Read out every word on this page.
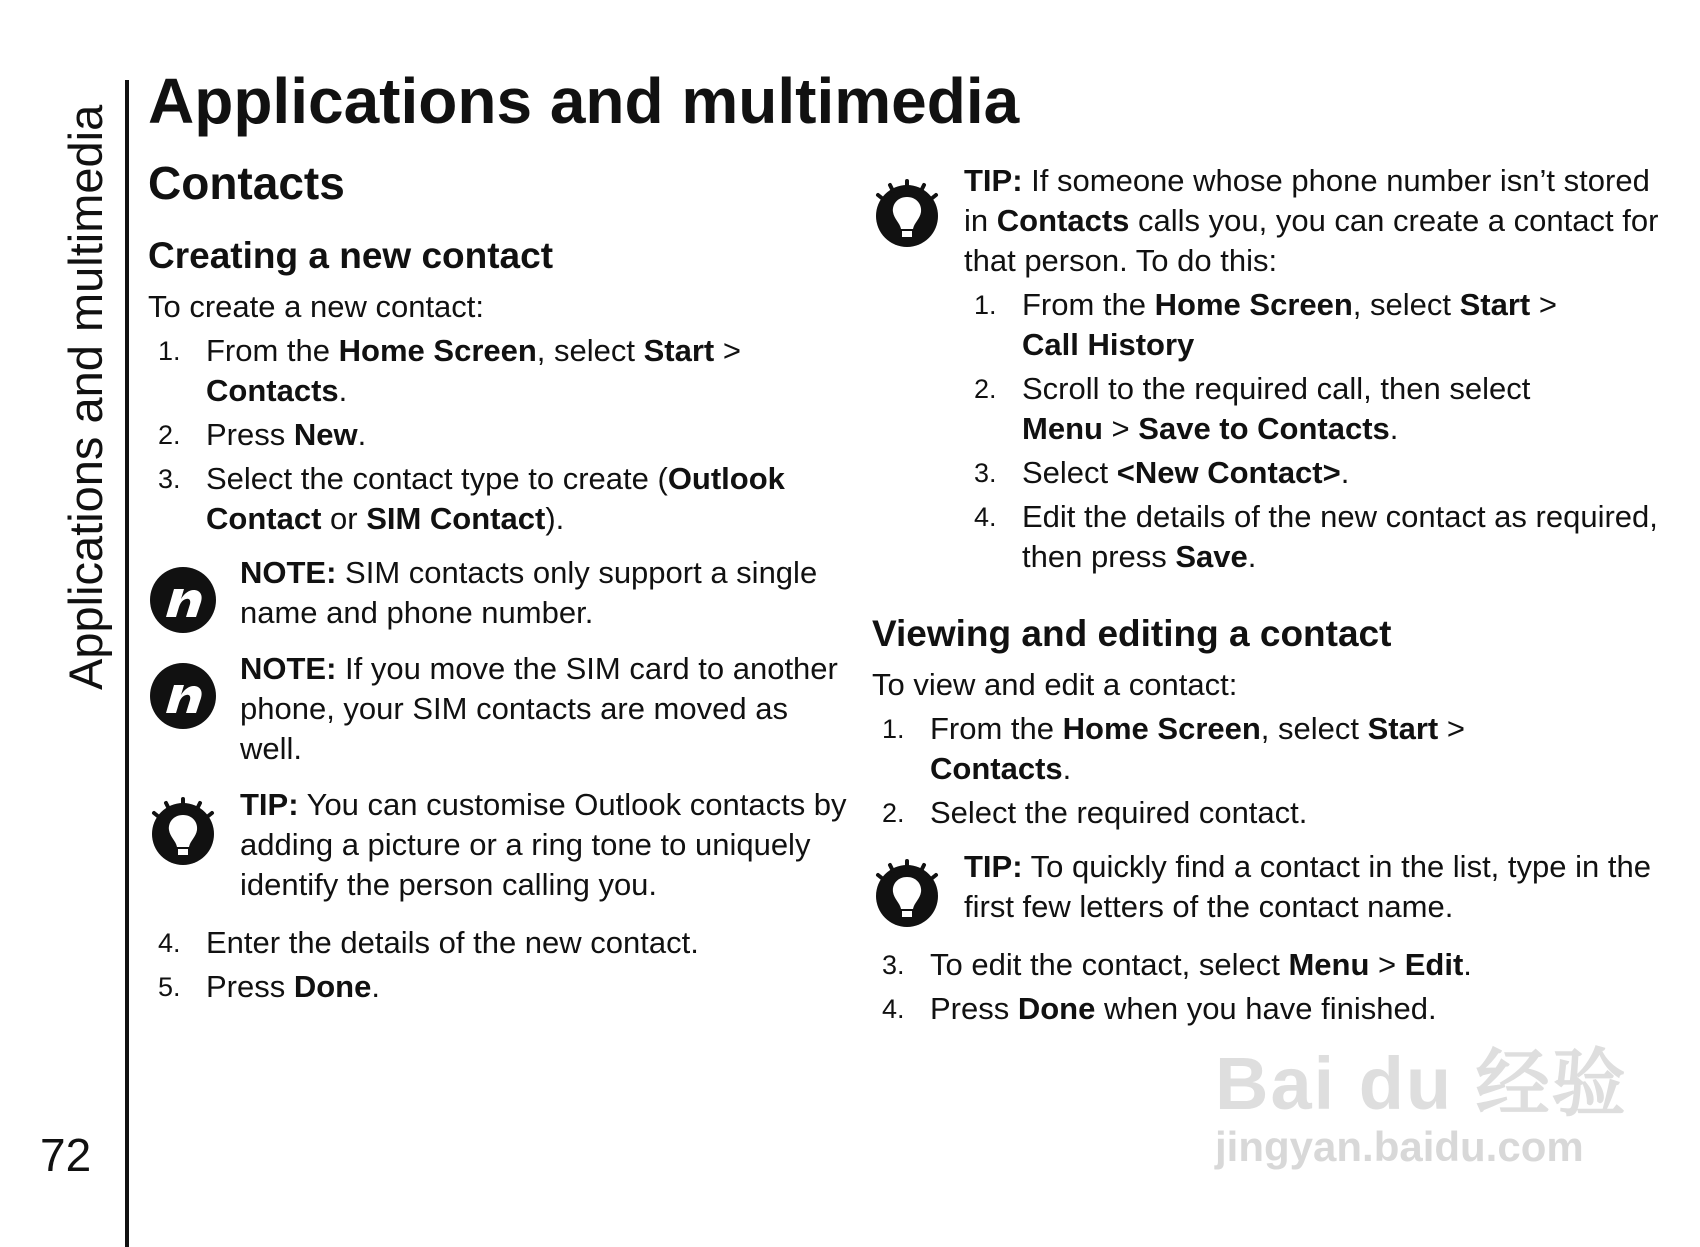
Applications and multimedia
72
Applications and multimedia
Contacts
Creating a new contact

To create a new contact:

1. From the Home Screen, select Start >
Contacts.
2. Press New.
3. Select the contact type to create (Outlook Contact or SIM Contact).
NOTE: SIM contacts only support a single name and phone number.
NOTE: If you move the SIM card to another phone, your SIM contacts are moved as well.
TIP: You can customise Outlook contacts by adding a picture or a ring tone to uniquely identify the person calling you.
4. Enter the details of the new contact.
5. Press Done.
TIP: If someone whose phone number isn’t stored in Contacts calls you, you can create a contact for that person. To do this:
1. From the Home Screen, select Start >
Call History
2. Scroll to the required call, then select
Menu > Save to Contacts.
3. Select <New Contact>.
4. Edit the details of the new contact as required, then press Save.
Viewing and editing a contact

To view and edit a contact:

1. From the Home Screen, select Start >
Contacts.
2. Select the required contact.
TIP: To quickly find a contact in the list, type in the first few letters of the contact name.
3. To edit the contact, select Menu > Edit.
4. Press Done when you have finished.
Bai du 经验
jingyan.baidu.com
